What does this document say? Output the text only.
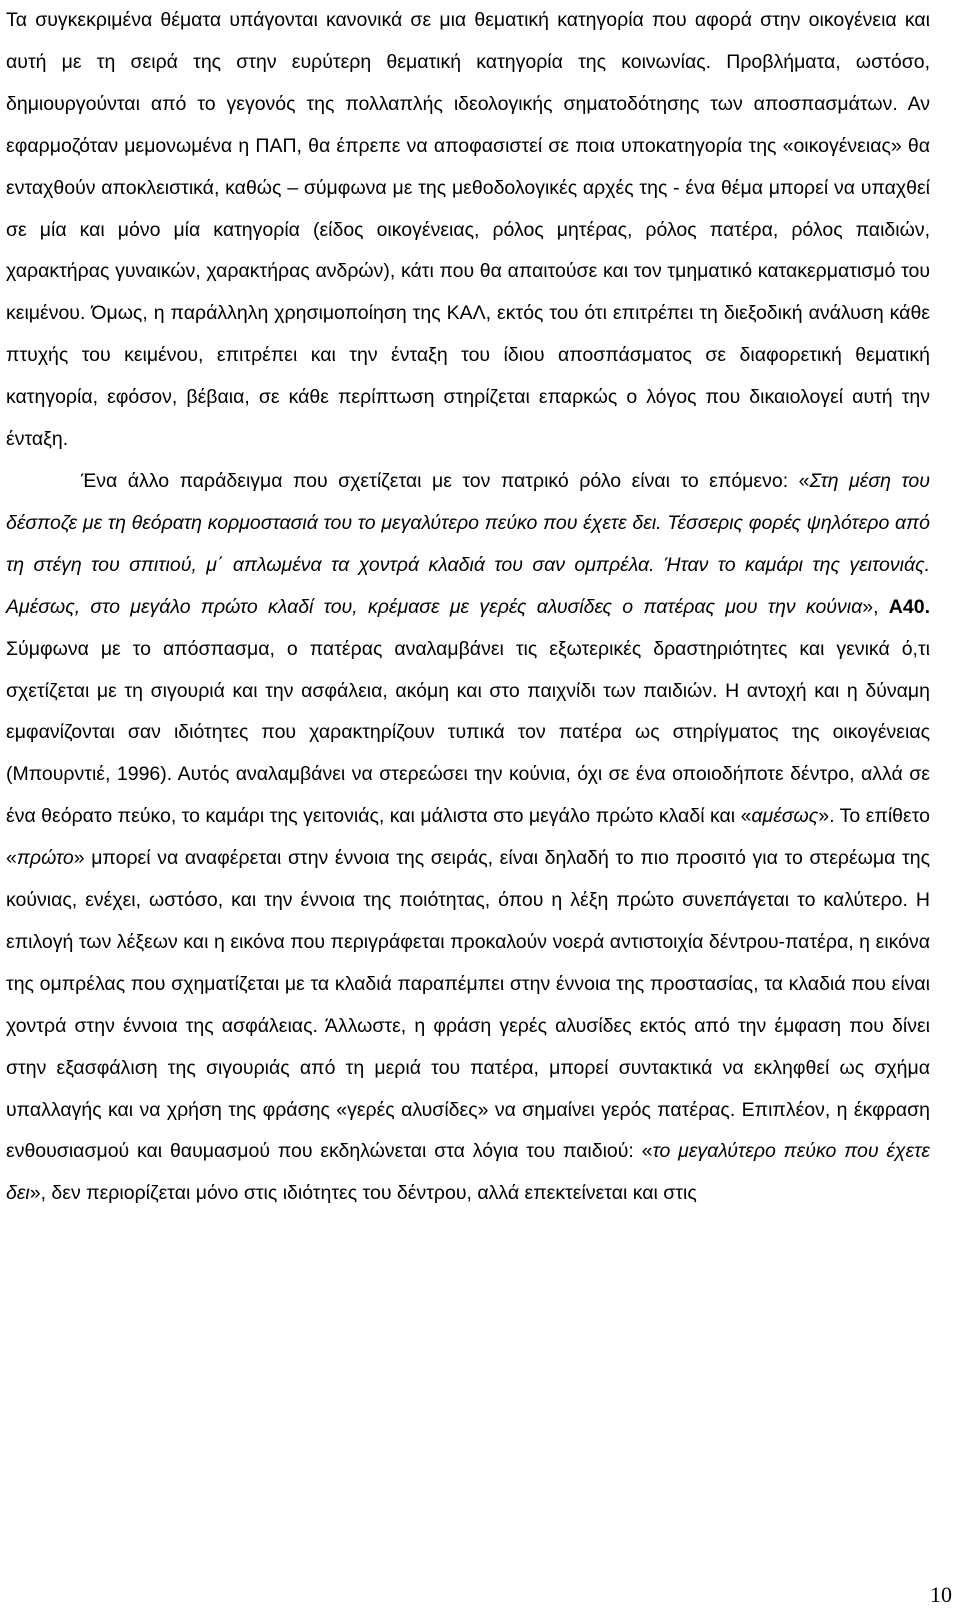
Τα συγκεκριμένα θέματα υπάγονται κανονικά σε μια θεματική κατηγορία που αφορά στην οικογένεια και αυτή με τη σειρά της στην ευρύτερη θεματική κατηγορία της κοινωνίας. Προβλήματα, ωστόσο, δημιουργούνται από το γεγονός της πολλαπλής ιδεολογικής σηματοδότησης των αποσπασμάτων. Αν εφαρμοζόταν μεμονωμένα η ΠΑΠ, θα έπρεπε να αποφασιστεί σε ποια υποκατηγορία της «οικογένειας» θα ενταχθούν αποκλειστικά, καθώς – σύμφωνα με της μεθοδολογικές αρχές της - ένα θέμα μπορεί να υπαχθεί σε μία και μόνο μία κατηγορία (είδος οικογένειας, ρόλος μητέρας, ρόλος πατέρα, ρόλος παιδιών, χαρακτήρας γυναικών, χαρακτήρας ανδρών), κάτι που θα απαιτούσε και τον τμηματικό κατακερματισμό του κειμένου. Όμως, η παράλληλη χρησιμοποίηση της ΚΑΛ, εκτός του ότι επιτρέπει τη διεξοδική ανάλυση κάθε πτυχής του κειμένου, επιτρέπει και την ένταξη του ίδιου αποσπάσματος σε διαφορετική θεματική κατηγορία, εφόσον, βέβαια, σε κάθε περίπτωση στηρίζεται επαρκώς ο λόγος που δικαιολογεί αυτή την ένταξη.

Ένα άλλο παράδειγμα που σχετίζεται με τον πατρικό ρόλο είναι το επόμενο: «Στη μέση του δέσποζε με τη θεόρατη κορμοστασιά του το μεγαλύτερο πεύκο που έχετε δει. Τέσσερις φορές ψηλότερο από τη στέγη του σπιτιού, μ΄ απλωμένα τα χοντρά κλαδιά του σαν ομπρέλα. Ήταν το καμάρι της γειτονιάς. Αμέσως, στο μεγάλο πρώτο κλαδί του, κρέμασε με γερές αλυσίδες ο πατέρας μου την κούνια», Α40. Σύμφωνα με το απόσπασμα, ο πατέρας αναλαμβάνει τις εξωτερικές δραστηριότητες και γενικά ό,τι σχετίζεται με τη σιγουριά και την ασφάλεια, ακόμη και στο παιχνίδι των παιδιών. Η αντοχή και η δύναμη εμφανίζονται σαν ιδιότητες που χαρακτηρίζουν τυπικά τον πατέρα ως στηρίγματος της οικογένειας (Μπουρντιέ, 1996). Αυτός αναλαμβάνει να στερεώσει την κούνια, όχι σε ένα οποιοδήποτε δέντρο, αλλά σε ένα θεόρατο πεύκο, το καμάρι της γειτονιάς, και μάλιστα στο μεγάλο πρώτο κλαδί και «αμέσως». Το επίθετο «πρώτο» μπορεί να αναφέρεται στην έννοια της σειράς, είναι δηλαδή το πιο προσιτό για το στερέωμα της κούνιας, ενέχει, ωστόσο, και την έννοια της ποιότητας, όπου η λέξη πρώτο συνεπάγεται το καλύτερο. Η επιλογή των λέξεων και η εικόνα που περιγράφεται προκαλούν νοερά αντιστοιχία δέντρου-πατέρα, η εικόνα της ομπρέλας που σχηματίζεται με τα κλαδιά παραπέμπει στην έννοια της προστασίας, τα κλαδιά που είναι χοντρά στην έννοια της ασφάλειας. Άλλωστε, η φράση γερές αλυσίδες εκτός από την έμφαση που δίνει στην εξασφάλιση της σιγουριάς από τη μεριά του πατέρα, μπορεί συντακτικά να εκληφθεί ως σχήμα υπαλλαγής και να χρήση της φράσης «γερές αλυσίδες» να σημαίνει γερός πατέρας. Επιπλέον, η έκφραση ενθουσιασμού και θαυμασμού που εκδηλώνεται στα λόγια του παιδιού: «το μεγαλύτερο πεύκο που έχετε δει», δεν περιορίζεται μόνο στις ιδιότητες του δέντρου, αλλά επεκτείνεται και στις

10
